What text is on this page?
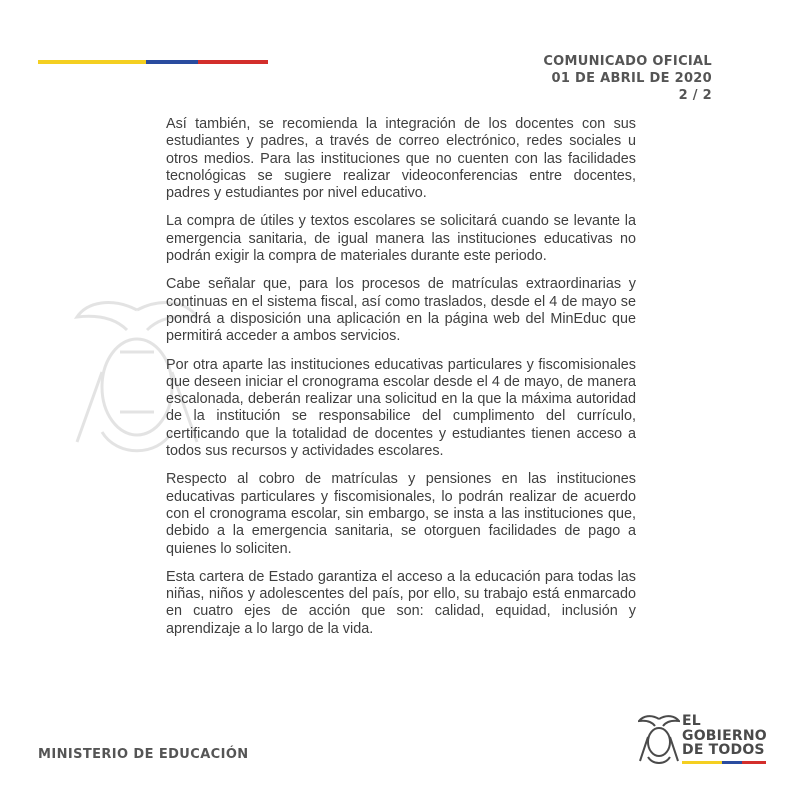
COMUNICADO OFICIAL
01 DE ABRIL DE 2020
2 / 2

Así también, se recomienda la integración de los docentes con sus estudiantes y padres, a través de correo electrónico, redes sociales u otros medios. Para las instituciones que no cuenten con las facilidades tecnológicas se sugiere realizar videoconferencias entre docentes, padres y estudiantes por nivel educativo.

La compra de útiles y textos escolares se solicitará cuando se levante la emergencia sanitaria, de igual manera las instituciones educativas no podrán exigir la compra de materiales durante este periodo.

Cabe señalar que, para los procesos de matrículas extraordinarias y continuas en el sistema fiscal, así como traslados, desde el 4 de mayo se pondrá a disposición una aplicación en la página web del MinEduc que permitirá acceder a ambos servicios.

Por otra aparte las instituciones educativas particulares y fiscomisionales que deseen iniciar el cronograma escolar desde el 4 de mayo, de manera escalonada, deberán realizar una solicitud en la que la máxima autoridad de la institución se responsabilice del cumplimento del currículo, certificando que la totalidad de docentes y estudiantes tienen acceso a todos sus recursos y actividades escolares.

Respecto al cobro de matrículas y pensiones en las instituciones educativas particulares y fiscomisionales, lo podrán realizar de acuerdo con el cronograma escolar, sin embargo, se insta a las instituciones que, debido a la emergencia sanitaria, se otorguen facilidades de pago a quienes lo soliciten.

Esta cartera de Estado garantiza el acceso a la educación para todas las niñas, niños y adolescentes del país, por ello, su trabajo está enmarcado en cuatro ejes de acción que son: calidad, equidad, inclusión y aprendizaje a lo largo de la vida.

MINISTERIO DE EDUCACIÓN
EL
GOBIERNO
DE TODOS
